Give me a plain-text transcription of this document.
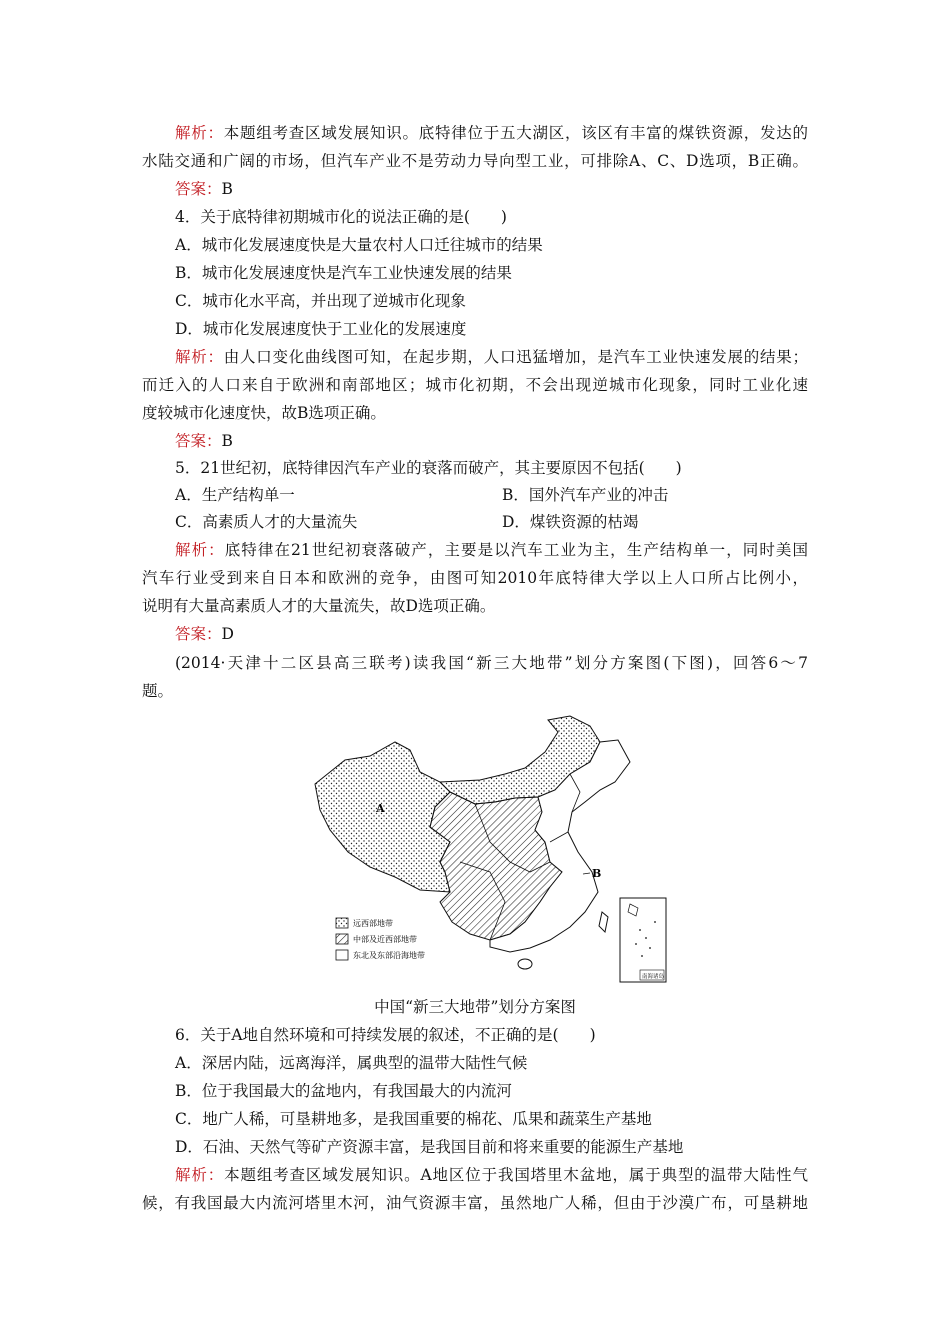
解析：本题组考查区域发展知识。底特律位于五大湖区，该区有丰富的煤铁资源，发达的
水陆交通和广阔的市场，但汽车产业不是劳动力导向型工业，可排除A、C、D选项，B正确。
答案：B
4．关于底特律初期城市化的说法正确的是(　　)
A．城市化发展速度快是大量农村人口迁往城市的结果
B．城市化发展速度快是汽车工业快速发展的结果
C．城市化水平高，并出现了逆城市化现象
D．城市化发展速度快于工业化的发展速度
解析：由人口变化曲线图可知，在起步期，人口迅猛增加，是汽车工业快速发展的结果；
而迁入的人口来自于欧洲和南部地区；城市化初期，不会出现逆城市化现象，同时工业化速
度较城市化速度快，故B选项正确。
答案：B
5．21世纪初，底特律因汽车产业的衰落而破产，其主要原因不包括(　　)
A．生产结构单一	B．国外汽车产业的冲击
C．高素质人才的大量流失	D．煤铁资源的枯竭
解析：底特律在21世纪初衰落破产，主要是以汽车工业为主，生产结构单一，同时美国
汽车行业受到来自日本和欧洲的竞争，由图可知2010年底特律大学以上人口所占比例小，
说明有大量高素质人才的大量流失，故D选项正确。
答案：D
(2014·天津十二区县高三联考)读我国“新三大地带”划分方案图(下图)，回答6～7
题。
A
B
远西部地带
中部及近西部地带
东北及东部沿海地带
南海诸岛
中国“新三大地带”划分方案图
6．关于A地自然环境和可持续发展的叙述，不正确的是(　　)
A．深居内陆，远离海洋，属典型的温带大陆性气候
B．位于我国最大的盆地内，有我国最大的内流河
C．地广人稀，可垦耕地多，是我国重要的棉花、瓜果和蔬菜生产基地
D．石油、天然气等矿产资源丰富，是我国目前和将来重要的能源生产基地
解析：本题组考查区域发展知识。A地区位于我国塔里木盆地，属于典型的温带大陆性气
候，有我国最大内流河塔里木河，油气资源丰富，虽然地广人稀，但由于沙漠广布，可垦耕地
